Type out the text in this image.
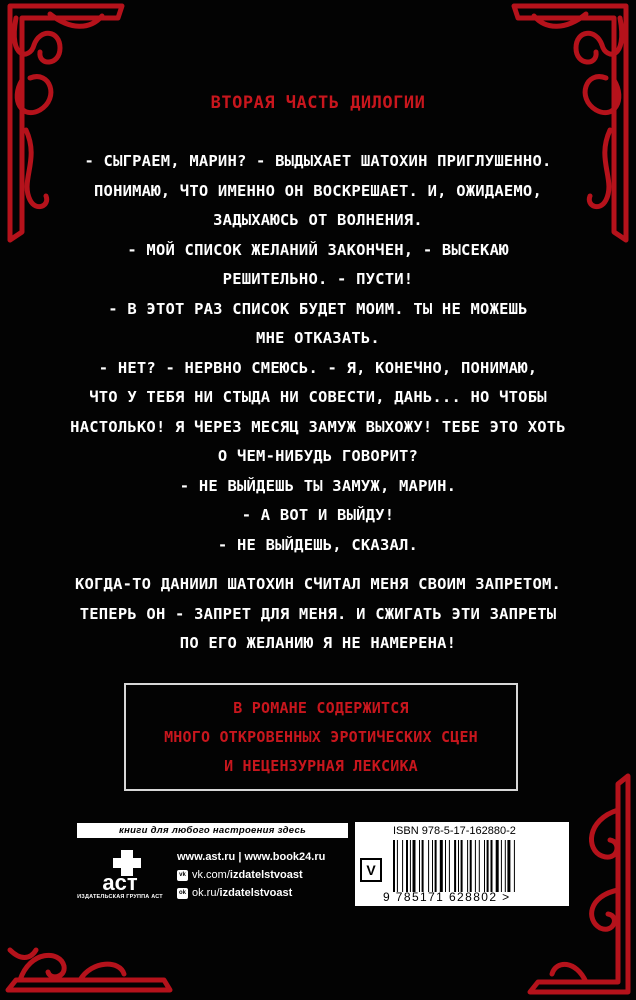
ВТОРАЯ ЧАСТЬ ДИЛОГИИ

- СЫГРАЕМ, МАРИН? - ВЫДЫХАЕТ ШАТОХИН ПРИГЛУШЕННО.

ПОНИМАЮ, ЧТО ИМЕННО ОН ВОСКРЕШАЕТ. И, ОЖИДАЕМО,

ЗАДЫХАЮСЬ ОТ ВОЛНЕНИЯ.

- МОЙ СПИСОК ЖЕЛАНИЙ ЗАКОНЧЕН, - ВЫСЕКАЮ

РЕШИТЕЛЬНО. - ПУСТИ!

- В ЭТОТ РАЗ СПИСОК БУДЕТ МОИМ. ТЫ НЕ МОЖЕШЬ

МНЕ ОТКАЗАТЬ.

- НЕТ? - НЕРВНО СМЕЮСЬ. - Я, КОНЕЧНО, ПОНИМАЮ,

ЧТО У ТЕБЯ НИ СТЫДА НИ СОВЕСТИ, ДАНЬ... НО ЧТОБЫ

НАСТОЛЬКО! Я ЧЕРЕЗ МЕСЯЦ ЗАМУЖ ВЫХОЖУ! ТЕБЕ ЭТО ХОТЬ

О ЧЕМ-НИБУДЬ ГОВОРИТ?

- НЕ ВЫЙДЕШЬ ТЫ ЗАМУЖ, МАРИН.

- А ВОТ И ВЫЙДУ!

- НЕ ВЫЙДЕШЬ, СКАЗАЛ.

КОГДА-ТО ДАНИИЛ ШАТОХИН СЧИТАЛ МЕНЯ СВОИМ ЗАПРЕТОМ.

ТЕПЕРЬ ОН - ЗАПРЕТ ДЛЯ МЕНЯ. И СЖИГАТЬ ЭТИ ЗАПРЕТЫ

ПО ЕГО ЖЕЛАНИЮ Я НЕ НАМЕРЕНА!

В РОМАНЕ СОДЕРЖИТСЯ

МНОГО ОТКРОВЕННЫХ ЭРОТИЧЕСКИХ СЦЕН

И НЕЦЕНЗУРНАЯ ЛЕКСИКА

книги для любого настроения здесь
аст
ИЗДАТЕЛЬСКАЯ ГРУППА АСТ
www.ast.ru | www.book24.ru
vk vk.com/izdatelstvoast
ok ok.ru/izdatelstvoast
ISBN 978-5-17-162880-2
V
9 785171 628802 >
